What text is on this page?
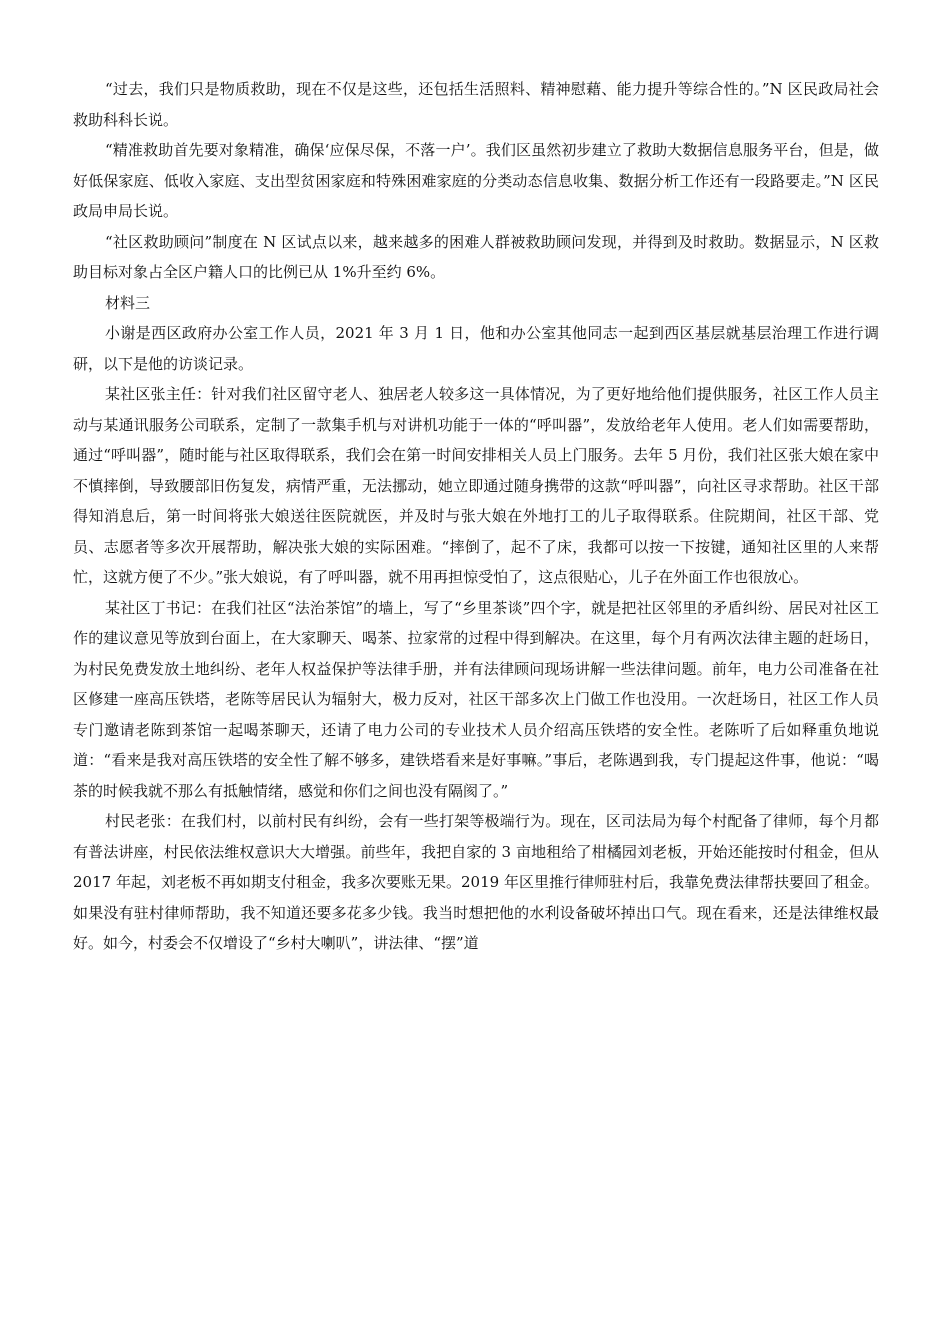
“过去，我们只是物质救助，现在不仅是这些，还包括生活照料、精神慰藉、能力提升等综合性的。”N 区民政局社会救助科科长说。

“精准救助首先要对象精准，确保‘应保尽保，不落一户’。我们区虽然初步建立了救助大数据信息服务平台，但是，做好低保家庭、低收入家庭、支出型贫困家庭和特殊困难家庭的分类动态信息收集、数据分析工作还有一段路要走。”N 区民政局申局长说。

“社区救助顾问”制度在 N 区试点以来，越来越多的困难人群被救助顾问发现，并得到及时救助。数据显示，N 区救助目标对象占全区户籍人口的比例已从 1%升至约 6%。

材料三

小谢是西区政府办公室工作人员，2021 年 3 月 1 日，他和办公室其他同志一起到西区基层就基层治理工作进行调研，以下是他的访谈记录。

某社区张主任：针对我们社区留守老人、独居老人较多这一具体情况，为了更好地给他们提供服务，社区工作人员主动与某通讯服务公司联系，定制了一款集手机与对讲机功能于一体的“呼叫器”，发放给老年人使用。老人们如需要帮助，通过“呼叫器”，随时能与社区取得联系，我们会在第一时间安排相关人员上门服务。去年 5 月份，我们社区张大娘在家中不慎摔倒，导致腰部旧伤复发，病情严重，无法挪动，她立即通过随身携带的这款“呼叫器”，向社区寻求帮助。社区干部得知消息后，第一时间将张大娘送往医院就医，并及时与张大娘在外地打工的儿子取得联系。住院期间，社区干部、党员、志愿者等多次开展帮助，解决张大娘的实际困难。“摔倒了，起不了床，我都可以按一下按键，通知社区里的人来帮忙，这就方便了不少。”张大娘说，有了呼叫器，就不用再担惊受怕了，这点很贴心，儿子在外面工作也很放心。

某社区丁书记：在我们社区“法治茶馆”的墙上，写了“乡里茶谈”四个字，就是把社区邻里的矛盾纠纷、居民对社区工作的建议意见等放到台面上，在大家聊天、喝茶、拉家常的过程中得到解决。在这里，每个月有两次法律主题的赶场日，为村民免费发放土地纠纷、老年人权益保护等法律手册，并有法律顾问现场讲解一些法律问题。前年，电力公司准备在社区修建一座高压铁塔，老陈等居民认为辐射大，极力反对，社区干部多次上门做工作也没用。一次赶场日，社区工作人员专门邀请老陈到茶馆一起喝茶聊天，还请了电力公司的专业技术人员介绍高压铁塔的安全性。老陈听了后如释重负地说道：“看来是我对高压铁塔的安全性了解不够多，建铁塔看来是好事嘛。”事后，老陈遇到我，专门提起这件事，他说：“喝茶的时候我就不那么有抵触情绪，感觉和你们之间也没有隔阂了。”

村民老张：在我们村，以前村民有纠纷，会有一些打架等极端行为。现在，区司法局为每个村配备了律师，每个月都有普法讲座，村民依法维权意识大大增强。前些年，我把自家的 3 亩地租给了柑橘园刘老板，开始还能按时付租金，但从 2017 年起，刘老板不再如期支付租金，我多次要账无果。2019 年区里推行律师驻村后，我靠免费法律帮扶要回了租金。如果没有驻村律师帮助，我不知道还要多花多少钱。我当时想把他的水利设备破坏掉出口气。现在看来，还是法律维权最好。如今，村委会不仅增设了“乡村大喇叭”，讲法律、“摆”道
